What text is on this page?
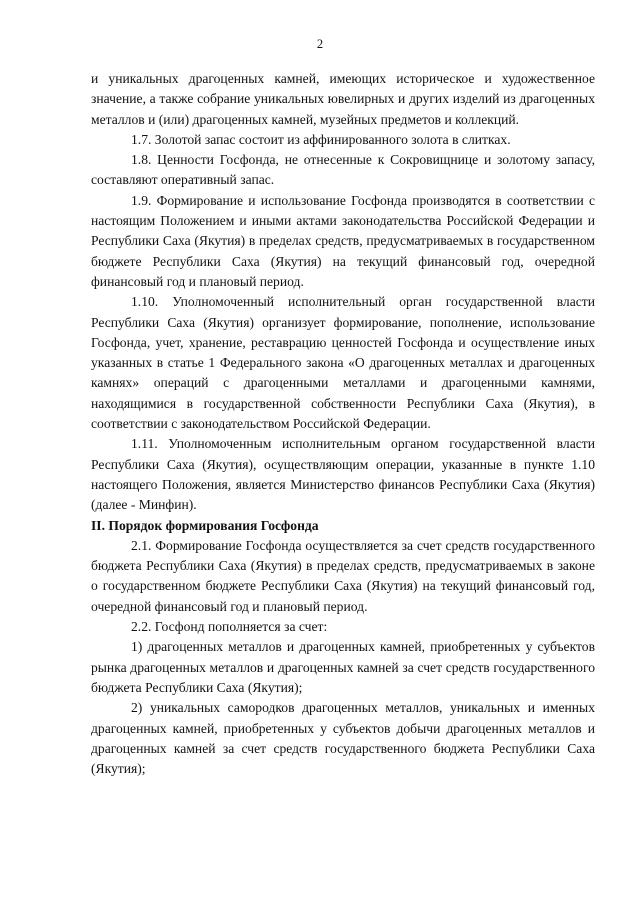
2

и уникальных драгоценных камней, имеющих историческое и художественное значение, а также собрание уникальных ювелирных и других изделий из драгоценных металлов и (или) драгоценных камней, музейных предметов и коллекций.

1.7. Золотой запас состоит из аффинированного золота в слитках.

1.8. Ценности Госфонда, не отнесенные к Сокровищнице и золотому запасу, составляют оперативный запас.

1.9. Формирование и использование Госфонда производятся в соответствии с настоящим Положением и иными актами законодательства Российской Федерации и Республики Саха (Якутия) в пределах средств, предусматриваемых в государственном бюджете Республики Саха (Якутия) на текущий финансовый год, очередной финансовый год и плановый период.

1.10. Уполномоченный исполнительный орган государственной власти Республики Саха (Якутия) организует формирование, пополнение, использование Госфонда, учет, хранение, реставрацию ценностей Госфонда и осуществление иных указанных в статье 1 Федерального закона «О драгоценных металлах и драгоценных камнях» операций с драгоценными металлами и драгоценными камнями, находящимися в государственной собственности Республики Саха (Якутия), в соответствии с законодательством Российской Федерации.

1.11. Уполномоченным исполнительным органом государственной власти Республики Саха (Якутия), осуществляющим операции, указанные в пункте 1.10 настоящего Положения, является Министерство финансов Республики Саха (Якутия) (далее - Минфин).

II. Порядок формирования Госфонда

2.1. Формирование Госфонда осуществляется за счет средств государственного бюджета Республики Саха (Якутия) в пределах средств, предусматриваемых в законе о государственном бюджете Республики Саха (Якутия) на текущий финансовый год, очередной финансовый год и плановый период.

2.2. Госфонд пополняется за счет:

1) драгоценных металлов и драгоценных камней, приобретенных у субъектов рынка драгоценных металлов и драгоценных камней за счет средств государственного бюджета Республики Саха (Якутия);

2) уникальных самородков драгоценных металлов, уникальных и именных драгоценных камней, приобретенных у субъектов добычи драгоценных металлов и драгоценных камней за счет средств государственного бюджета Республики Саха (Якутия);
